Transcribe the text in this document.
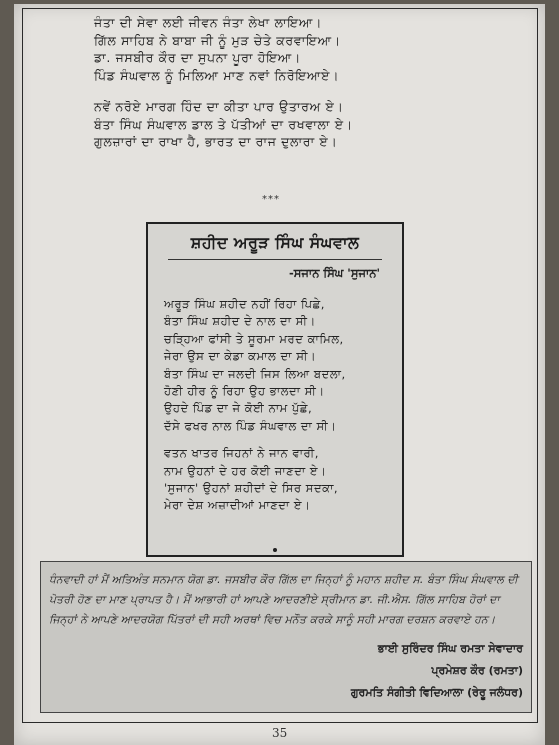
ਜੰਤਾ ਦੀ ਸੇਵਾ ਲਈ ਜੀਵਨ ਜੰਤਾ ਲੇਖਾ ਲਾਇਆ।
ਗਿੱਲ ਸਾਹਿਬ ਨੇ ਬਾਬਾ ਜੀ ਨੂੰ ਮੁੜ ਚੇਤੇ ਕਰਵਾਇਆ।
ਡਾ. ਜਸਬੀਰ ਕੌਰ ਦਾ ਸੁਪਨਾ ਪੂਰਾ ਹੋਇਆ।
ਪਿੰਡ ਸੰਘਵਾਲ ਨੂੰ ਮਿਲਿਆ ਮਾਣ ਨਵਾਂ ਨਿਰੋਇਆਏ।
ਨਵੇਂ ਨਰੋਏ ਮਾਰਗ ਹਿੰਦ ਦਾ ਕੀਤਾ ਪਾਰ ਉਤਾਰਅ ਏ।
ਬੰਤਾ ਸਿੰਘ ਸੰਘਵਾਲ ਡਾਲ ਤੇ ਪੱਤੀਆਂ ਦਾ ਰਖਵਾਲਾ ਏ।
ਗੁਲਜ਼ਾਰਾਂ ਦਾ ਰਾਖਾ ਹੈ, ਭਾਰਤ ਦਾ ਰਾਜ ਦੁਲਾਰਾ ਏ।
***
ਸ਼ਹੀਦ ਅਰੂੜ ਸਿੰਘ ਸੰਘਵਾਲ
-ਸਜਾਨ ਸਿੰਘ 'ਸੁਜਾਨ'
ਅਰੂੜ ਸਿੰਘ ਸ਼ਹੀਦ ਨਹੀਂ ਰਿਹਾ ਪਿਛੇ,
ਬੰਤਾ ਸਿੰਘ ਸ਼ਹੀਦ ਦੇ ਨਾਲ ਦਾ ਸੀ।
ਚੜ੍ਹਿਆ ਫਾਂਸੀ ਤੇ ਸੂਰਮਾ ਮਰਦ ਕਾਮਿਲ,
ਜੇਰਾ ਉਸ ਦਾ ਕੇਡਾ ਕਮਾਲ ਦਾ ਸੀ।
ਬੰਤਾ ਸਿੰਘ ਦਾ ਜਲਦੀ ਜਿਸ ਲਿਆ ਬਦਲਾ,
ਹੋਣੀ ਹੀਰ ਨੂੰ ਰਿਹਾ ਉਹ ਭਾਲਦਾ ਸੀ।
ਉਹਦੇ ਪਿੰਡ ਦਾ ਜੇ ਕੋਈ ਨਾਮ ਪੁੱਛੇ,
ਦੱਸੇ ਫਖਰ ਨਾਲ ਪਿੰਡ ਸੰਘਵਾਲ ਦਾ ਸੀ।
ਵਤਨ ਖਾਤਰ ਜਿਹਨਾਂ ਨੇ ਜਾਨ ਵਾਰੀ,
ਨਾਮ ਉਹਨਾਂ ਦੇ ਹਰ ਕੋਈ ਜਾਣਦਾ ਏ।
'ਸੁਜਾਨ' ਉਹਨਾਂ ਸ਼ਹੀਦਾਂ ਦੇ ਸਿਰ ਸਦਕਾ,
ਮੇਰਾ ਦੇਸ਼ ਅਜ਼ਾਦੀਆਂ ਮਾਣਦਾ ਏ।
ਧੰਨਵਾਦੀ ਹਾਂ ਮੈਂ ਅਤਿਅੰਤ ਸਨਮਾਨ ਯੋਗ ਡਾ. ਜਸਬੀਰ ਕੌਰ ਗਿੱਲ ਦਾ ਜਿਨ੍ਹਾਂ ਨੂੰ ਮਹਾਨ ਸ਼ਹੀਦ ਸ. ਬੰਤਾ ਸਿੰਘ ਸੰਘਵਾਲ ਦੀ ਪੋਤਰੀ ਹੋਣ ਦਾ ਮਾਣ ਪ੍ਰਾਪਤ ਹੈ। ਮੈਂ ਆਭਾਰੀ ਹਾਂ ਆਪਣੇ ਆਦਰਣੀਏ ਸ੍ਰੀਮਾਨ ਡਾ. ਜੀ.ਐਸ. ਗਿੱਲ ਸਾਹਿਬ ਹੋਰਾਂ ਦਾ ਜਿਨ੍ਹਾਂ ਨੇ ਆਪਣੇ ਆਦਰਯੋਗ ਪਿੱਤਰਾਂ ਦੀ ਸਹੀ ਅਰਥਾਂ ਵਿਚ ਮਨੌਤ ਕਰਕੇ ਸਾਨੂੰ ਸਹੀ ਮਾਰਗ ਦਰਸ਼ਨ ਕਰਵਾਏ ਹਨ।
ਭਾਈ ਸੁਰਿੰਦਰ ਸਿੰਘ ਰਮਤਾ ਸੇਵਾਦਾਰ
ਪ੍ਰਮੇਸ਼ਰ ਕੌਰ (ਰਮਤਾ)
ਗੁਰਮਤਿ ਸੰਗੀਤੀ ਵਿਦਿਆਲਾ (ਰੇਰੂ ਜਲੰਧਰ)
35
